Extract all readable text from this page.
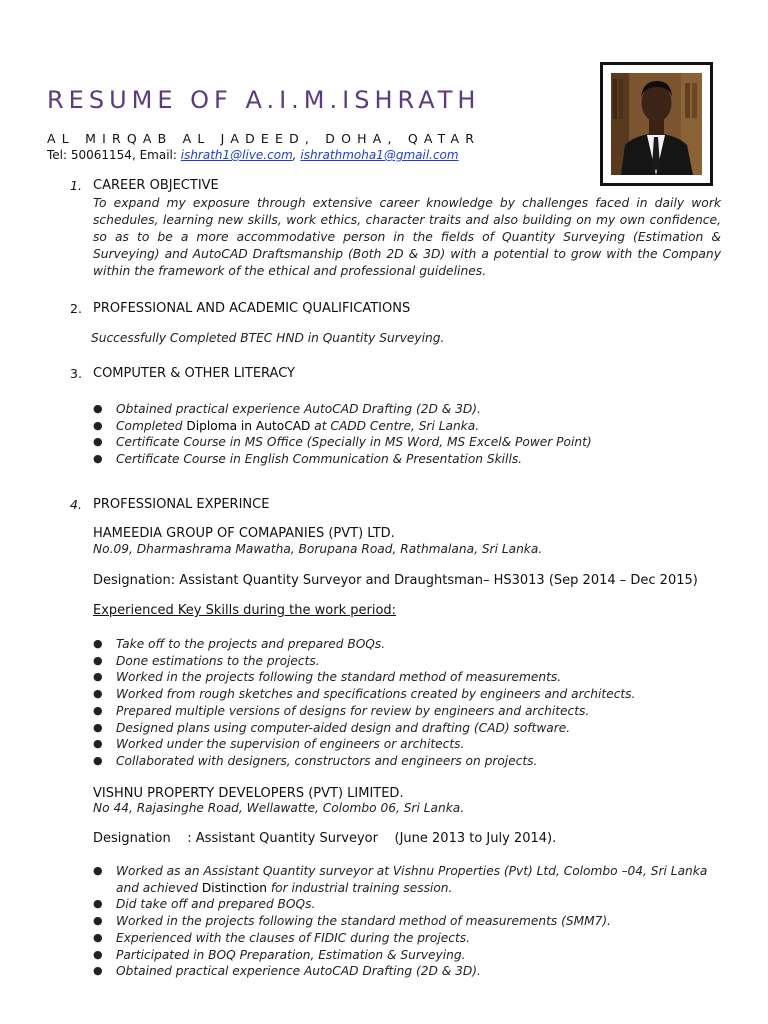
RESUME OF A.I.M.ISHRATH
AL MIRQAB AL JADEED, DOHA, QATAR
Tel: 50061154, Email: ishrath1@live.com, ishrathmoha1@gmail.com
1. CAREER OBJECTIVE
To expand my exposure through extensive career knowledge by challenges faced in daily work schedules, learning new skills, work ethics, character traits and also building on my own confidence, so as to be a more accommodative person in the fields of Quantity Surveying (Estimation & Surveying) and AutoCAD Draftsmanship (Both 2D & 3D) with a potential to grow with the Company within the framework of the ethical and professional guidelines.
2. PROFESSIONAL AND ACADEMIC QUALIFICATIONS
Successfully Completed BTEC HND in Quantity Surveying.
3. COMPUTER & OTHER LITERACY
● Obtained practical experience AutoCAD Drafting (2D & 3D).
● Completed Diploma in AutoCAD at CADD Centre, Sri Lanka.
● Certificate Course in MS Office (Specially in MS Word, MS Excel& Power Point)
● Certificate Course in English Communication & Presentation Skills.
4. PROFESSIONAL EXPERINCE
HAMEEDIA GROUP OF COMAPANIES (PVT) LTD.
No.09, Dharmashrama Mawatha, Borupana Road, Rathmalana, Sri Lanka.
Designation: Assistant Quantity Surveyor and Draughtsman– HS3013 (Sep 2014 – Dec 2015)
Experienced Key Skills during the work period:
● Take off to the projects and prepared BOQs.
● Done estimations to the projects.
● Worked in the projects following the standard method of measurements.
● Worked from rough sketches and specifications created by engineers and architects.
● Prepared multiple versions of designs for review by engineers and architects.
● Designed plans using computer-aided design and drafting (CAD) software.
● Worked under the supervision of engineers or architects.
● Collaborated with designers, constructors and engineers on projects.
VISHNU PROPERTY DEVELOPERS (PVT) LIMITED.
No 44, Rajasinghe Road, Wellawatte, Colombo 06, Sri Lanka.
Designation    : Assistant Quantity Surveyor    (June 2013 to July 2014).
● Worked as an Assistant Quantity surveyor at Vishnu Properties (Pvt) Ltd, Colombo –04, Sri Lanka and achieved Distinction for industrial training session.
● Did take off and prepared BOQs.
● Worked in the projects following the standard method of measurements (SMM7).
● Experienced with the clauses of FIDIC during the projects.
● Participated in BOQ Preparation, Estimation & Surveying.
● Obtained practical experience AutoCAD Drafting (2D & 3D).
